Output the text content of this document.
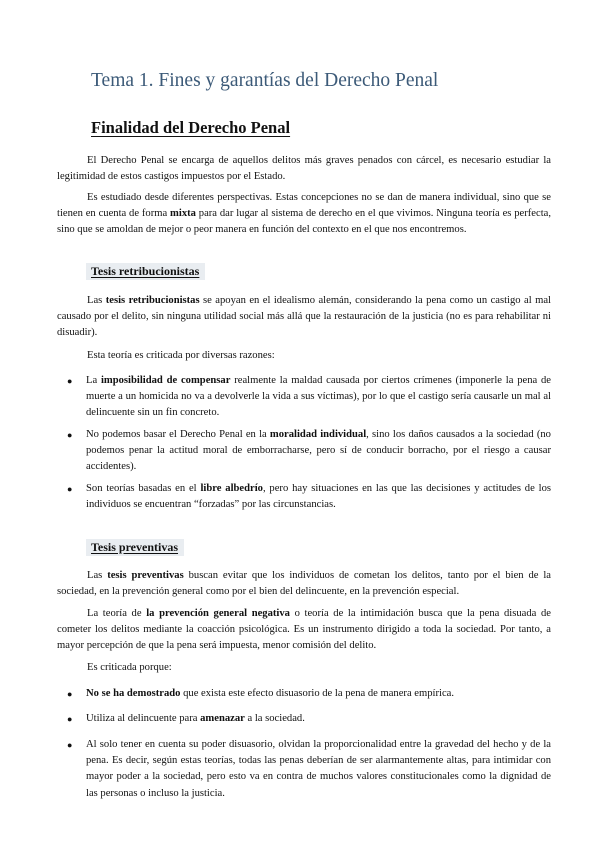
Tema 1. Fines y garantías del Derecho Penal
Finalidad del Derecho Penal

El Derecho Penal se encarga de aquellos delitos más graves penados con cárcel, es necesario estudiar la legitimidad de estos castigos impuestos por el Estado.

Es estudiado desde diferentes perspectivas. Estas concepciones no se dan de manera individual, sino que se tienen en cuenta de forma mixta para dar lugar al sistema de derecho en el que vivimos. Ninguna teoría es perfecta, sino que se amoldan de mejor o peor manera en función del contexto en el que nos encontremos.

Tesis retribucionistas

Las tesis retribucionistas se apoyan en el idealismo alemán, considerando la pena como un castigo al mal causado por el delito, sin ninguna utilidad social más allá que la restauración de la justicia (no es para rehabilitar ni disuadir).

Esta teoría es criticada por diversas razones:

● La imposibilidad de compensar realmente la maldad causada por ciertos crímenes (imponerle la pena de muerte a un homicida no va a devolverle la vida a sus víctimas), por lo que el castigo sería causarle un mal al delincuente sin un fin concreto.

● No podemos basar el Derecho Penal en la moralidad individual, sino los daños causados a la sociedad (no podemos penar la actitud moral de emborracharse, pero sí de conducir borracho, por el riesgo a causar accidentes).

● Son teorías basadas en el libre albedrío, pero hay situaciones en las que las decisiones y actitudes de los individuos se encuentran “forzadas” por las circunstancias.

Tesis preventivas

Las tesis preventivas buscan evitar que los individuos de cometan los delitos, tanto por el bien de la sociedad, en la prevención general como por el bien del delincuente, en la prevención especial.

La teoría de la prevención general negativa o teoría de la intimidación busca que la pena disuada de cometer los delitos mediante la coacción psicológica. Es un instrumento dirigido a toda la sociedad. Por tanto, a mayor percepción de que la pena será impuesta, menor comisión del delito.

Es criticada porque:

● No se ha demostrado que exista este efecto disuasorio de la pena de manera empírica.

● Utiliza al delincuente para amenazar a la sociedad.

● Al solo tener en cuenta su poder disuasorio, olvidan la proporcionalidad entre la gravedad del hecho y de la pena. Es decir, según estas teorías, todas las penas deberían de ser alarmantemente altas, para intimidar con mayor poder a la sociedad, pero esto va en contra de muchos valores constitucionales como la dignidad de las personas o incluso la justicia.
